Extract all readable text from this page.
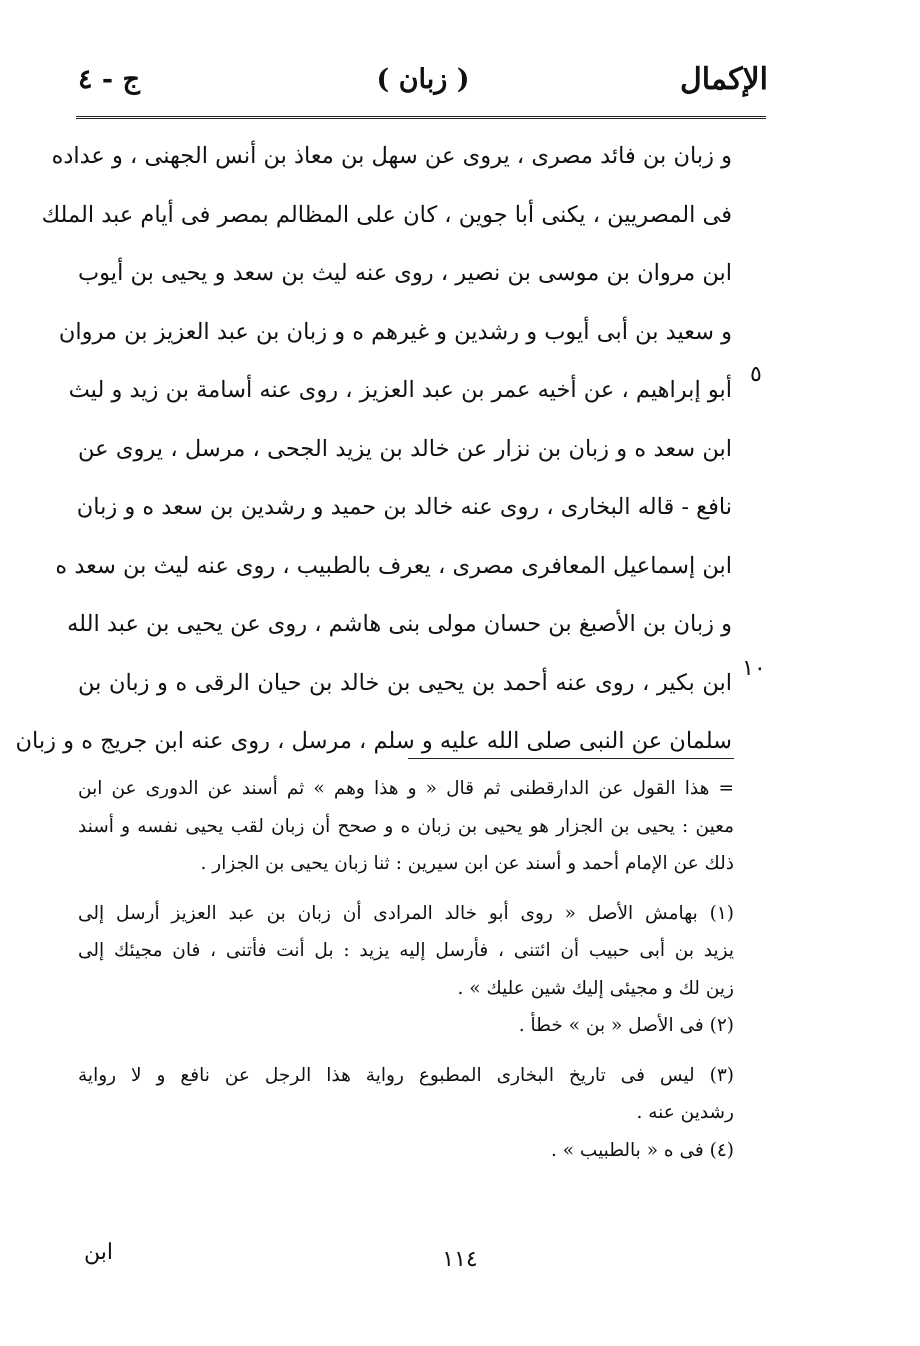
الإكمال
( زبان )
ج - ٤
٥
١٠
و زبان بن فائد مصرى ، يروى عن سهل بن معاذ بن أنس الجهنى ، و عداده
فى المصريين ، يكنى أبا جوين ، كان على المظالم بمصر فى أيام عبد الملك
ابن مروان بن موسى بن نصير ، روى عنه ليث بن سعد و يحيى بن أيوب
و سعيد بن أبى أيوب و رشدين و غيرهم ه و زبان بن عبد العزيز بن مروان
أبو إبراهيم ، عن أخيه عمر بن عبد العزيز ، روى عنه أسامة بن زيد و ليث
ابن سعد ه و زبان بن نزار عن خالد بن يزيد الجحى ، مرسل ، يروى عن
نافع - قاله البخارى ، روى عنه خالد بن حميد و رشدين بن سعد ه و زبان
ابن إسماعيل المعافرى مصرى ، يعرف بالطبيب ، روى عنه ليث بن سعد ه
و زبان بن الأصبغ بن حسان مولى بنى هاشم ، روى عن يحيى بن عبد الله
ابن بكير ، روى عنه أحمد بن يحيى بن خالد بن حيان الرقى ه و زبان بن
سلمان عن النبى صلى الله عليه و سلم ، مرسل ، روى عنه ابن جريج ه و زبان
= هذا القول عن الدارقطنى ثم قال « و هذا وهم » ثم أسند عن الدورى عن ابن
معين : يحيى بن الجزار هو يحيى بن زبان ه و صحح أن زبان لقب يحيى نفسه و أسند
ذلك عن الإمام أحمد و أسند عن ابن سيرين : ثنا زبان يحيى بن الجزار .
(١) بهامش الأصل « روى أبو خالد المرادى أن زبان بن عبد العزيز أرسل إلى
يزيد بن أبى حبيب أن ائتنى ، فأرسل إليه يزيد : بل أنت فأتنى ، فان مجيئك إلى
زين لك و مجيئى إليك شين عليك » .
(٢) فى الأصل « بن » خطأ .
(٣) ليس فى تاريخ البخارى المطبوع رواية هذا الرجل عن نافع و لا رواية
رشدين عنه .
(٤) فى ه « بالطبيب » .
١١٤
ابن
